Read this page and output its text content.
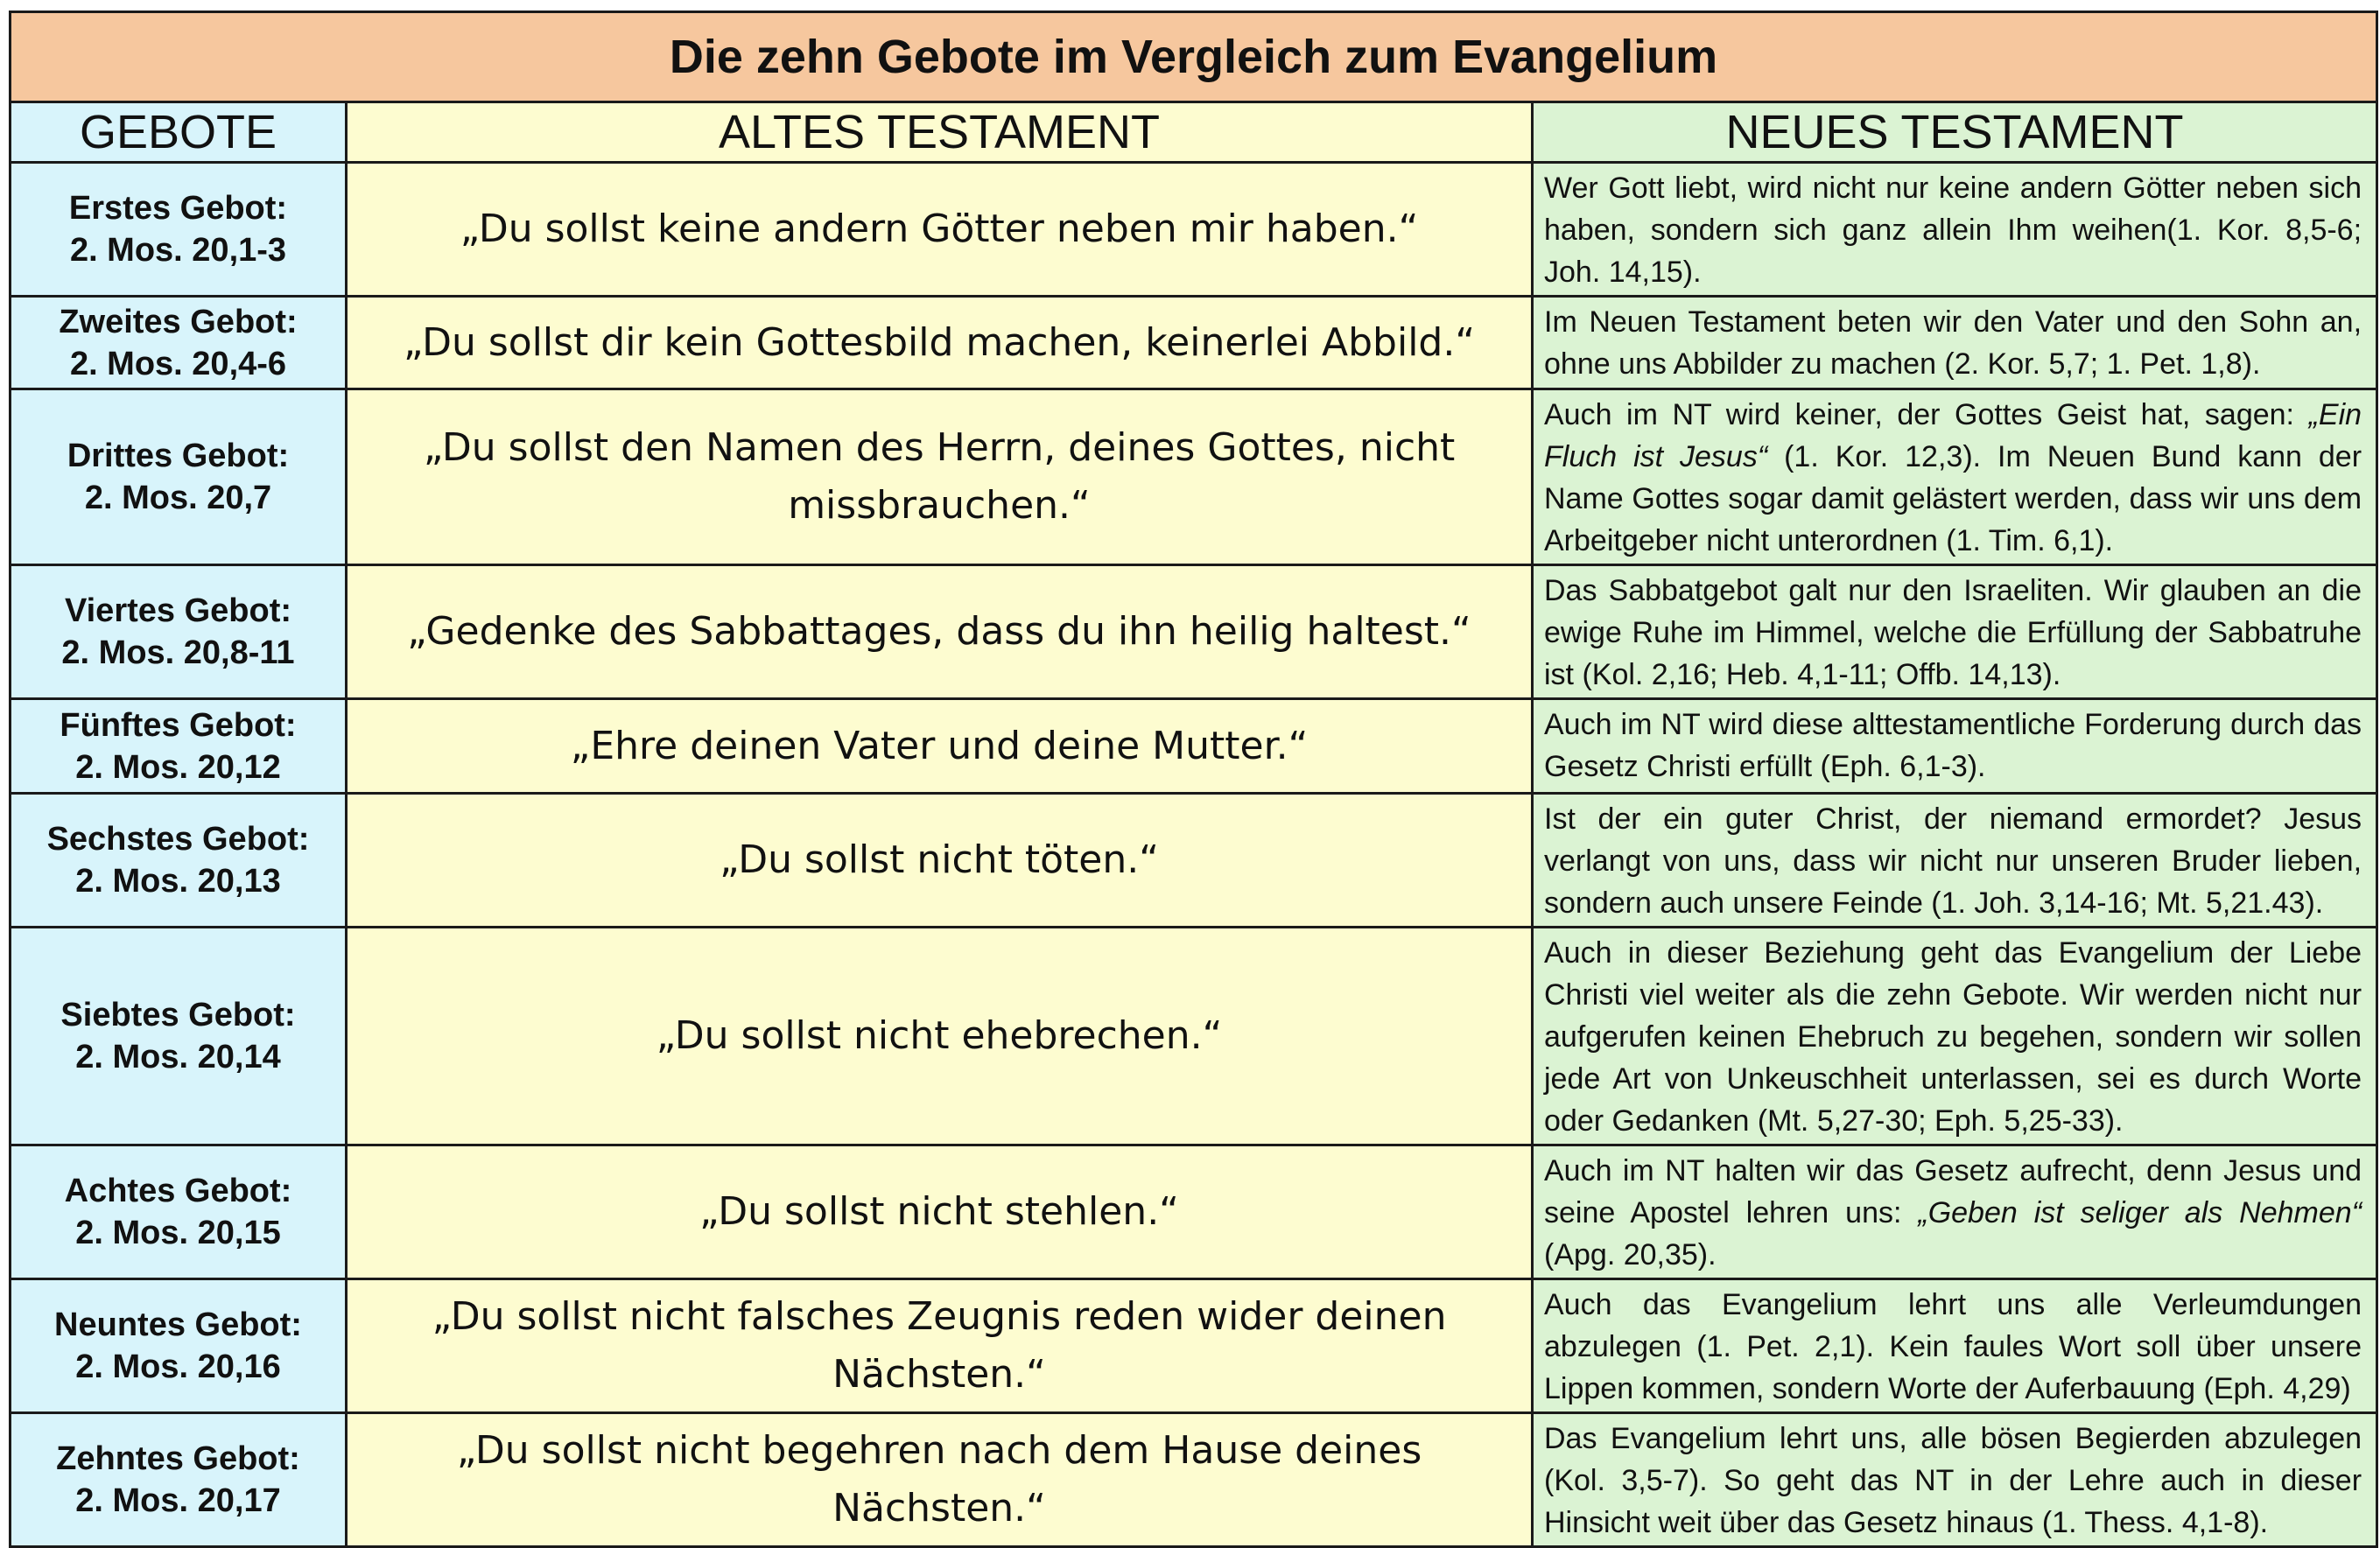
Die zehn Gebote im Vergleich zum Evangelium		
GEBOTE	ALTES TESTAMENT	NEUES TESTAMENT

Erstes Gebot:
2. Mos. 20,1-3	„Du sollst keine andern Götter neben mir haben.“	Wer Gott liebt, wird nicht nur keine andern Götter neben sich haben, sondern sich ganz allein Ihm weihen(1. Kor. 8,5-6; Joh. 14,15).

Zweites Gebot:
2. Mos. 20,4-6	„Du sollst dir kein Gottesbild machen, keinerlei Abbild.“	Im Neuen Testament beten wir den Vater und den Sohn an, ohne uns Abbilder zu machen (2. Kor. 5,7; 1. Pet. 1,8).

Drittes Gebot:
2. Mos. 20,7	„Du sollst den Namen des Herrn, deines Gottes, nicht missbrauchen.“	Auch im NT wird keiner, der Gottes Geist hat, sagen: „Ein Fluch ist Jesus“ (1. Kor. 12,3). Im Neuen Bund kann der Name Gottes sogar damit gelästert werden, dass wir uns dem Arbeitgeber nicht unterordnen (1. Tim. 6,1).

Viertes Gebot:
2. Mos. 20,8-11	„Gedenke des Sabbattages, dass du ihn heilig haltest.“	Das Sabbatgebot galt nur den Israeliten. Wir glauben an die ewige Ruhe im Himmel, welche die Erfüllung der Sabbatruhe ist (Kol. 2,16; Heb. 4,1-11; Offb. 14,13).

Fünftes Gebot:
2. Mos. 20,12	„Ehre deinen Vater und deine Mutter.“	Auch im NT wird diese alttestamentliche Forderung durch das Gesetz Christi erfüllt (Eph. 6,1-3).

Sechstes Gebot:
2. Mos. 20,13	„Du sollst nicht töten.“	Ist der ein guter Christ, der niemand ermordet? Jesus verlangt von uns, dass wir nicht nur unseren Bruder lieben, sondern auch unsere Feinde (1. Joh. 3,14-16; Mt. 5,21.43).

Siebtes Gebot:
2. Mos. 20,14	„Du sollst nicht ehebrechen.“	Auch in dieser Beziehung geht das Evangelium der Liebe Christi viel weiter als die zehn Gebote. Wir werden nicht nur aufgerufen keinen Ehebruch zu begehen, sondern wir sollen jede Art von Unkeuschheit unterlassen, sei es durch Worte oder Gedanken (Mt. 5,27-30; Eph. 5,25-33).

Achtes Gebot:
2. Mos. 20,15	„Du sollst nicht stehlen.“	Auch im NT halten wir das Gesetz aufrecht, denn Jesus und seine Apostel lehren uns: „Geben ist seliger als Nehmen“ (Apg. 20,35).

Neuntes Gebot:
2. Mos. 20,16	„Du sollst nicht falsches Zeugnis reden wider deinen Nächsten.“	Auch das Evangelium lehrt uns alle Verleumdungen abzulegen (1. Pet. 2,1). Kein faules Wort soll über unsere Lippen kommen, sondern Worte der Auferbauung (Eph. 4,29)

Zehntes Gebot:
2. Mos. 20,17	„Du sollst nicht begehren nach dem Hause deines Nächsten.“	Das Evangelium lehrt uns, alle bösen Begierden abzulegen (Kol. 3,5-7). So geht das NT in der Lehre auch in dieser Hinsicht weit über das Gesetz hinaus (1. Thess. 4,1-8).
